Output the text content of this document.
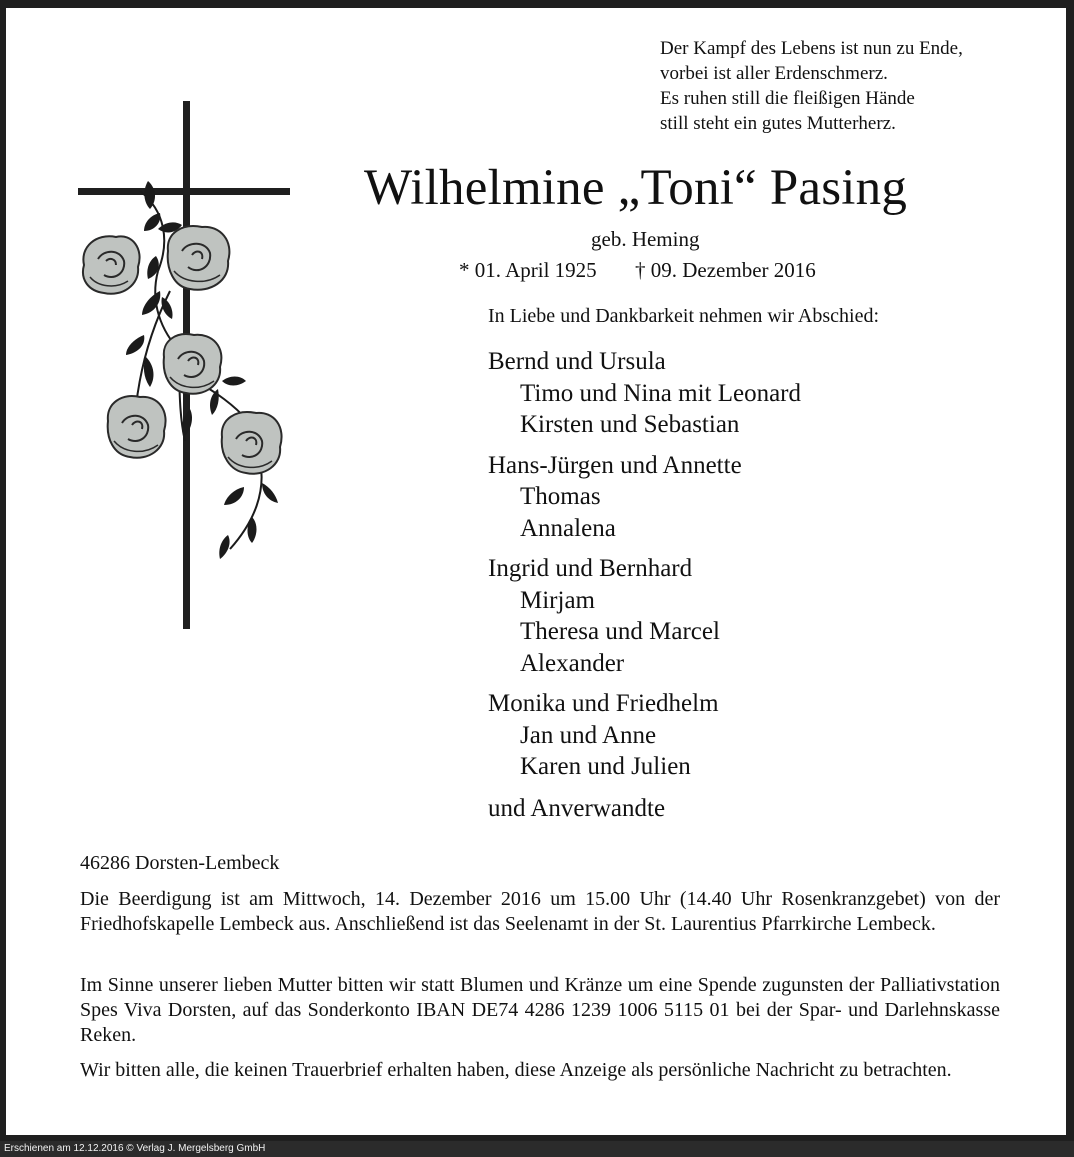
Der Kampf des Lebens ist nun zu Ende,
vorbei ist aller Erdenschmerz.
Es ruhen still die fleißigen Hände
still steht ein gutes Mutterherz.
Wilhelmine „Toni“ Pasing
geb. Heming
* 01. April 1925 † 09. Dezember 2016
In Liebe und Dankbarkeit nehmen wir Abschied:
Bernd und Ursula
Timo und Nina mit Leonard
Kirsten und Sebastian
Hans-Jürgen und Annette
Thomas
Annalena
Ingrid und Bernhard
Mirjam
Theresa und Marcel
Alexander
Monika und Friedhelm
Jan und Anne
Karen und Julien
und Anverwandte
46286 Dorsten-Lembeck
Die Beerdigung ist am Mittwoch, 14. Dezember 2016 um 15.00 Uhr (14.40 Uhr Rosenkranzgebet) von der Friedhofskapelle Lembeck aus. Anschließend ist das Seelenamt in der St. Laurentius Pfarrkirche Lembeck.
Im Sinne unserer lieben Mutter bitten wir statt Blumen und Kränze um eine Spende zugunsten der Palliativstation Spes Viva Dorsten, auf das Sonderkonto IBAN DE74 4286 1239 1006 5115 01 bei der Spar- und Darlehnskasse Reken.
Wir bitten alle, die keinen Trauerbrief erhalten haben, diese Anzeige als persönliche Nachricht zu betrachten.
Erschienen am 12.12.2016 © Verlag J. Mergelsberg GmbH
